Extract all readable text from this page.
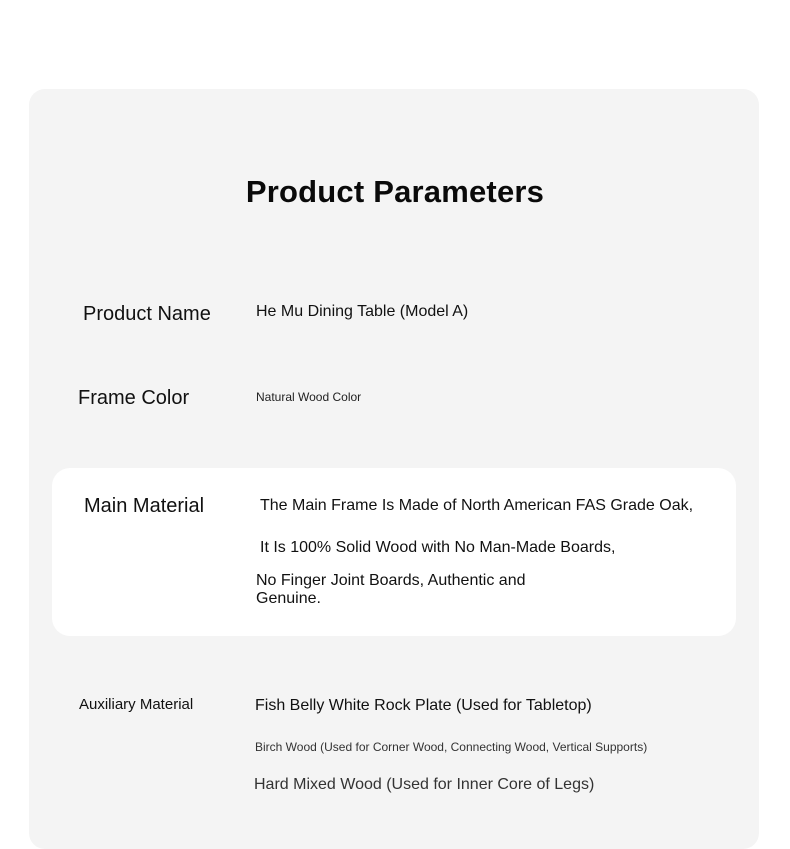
Product Parameters
Product Name	He Mu Dining Table (Model A)
Frame Color	Natural Wood Color
Main Material	The Main Frame Is Made of North American FAS Grade Oak,
It Is 100% Solid Wood with No Man-Made Boards,
No Finger Joint Boards, Authentic and
Genuine.
Auxiliary Material	Fish Belly White Rock Plate (Used for Tabletop)
Birch Wood (Used for Corner Wood, Connecting Wood, Vertical Supports)
Hard Mixed Wood (Used for Inner Core of Legs)
